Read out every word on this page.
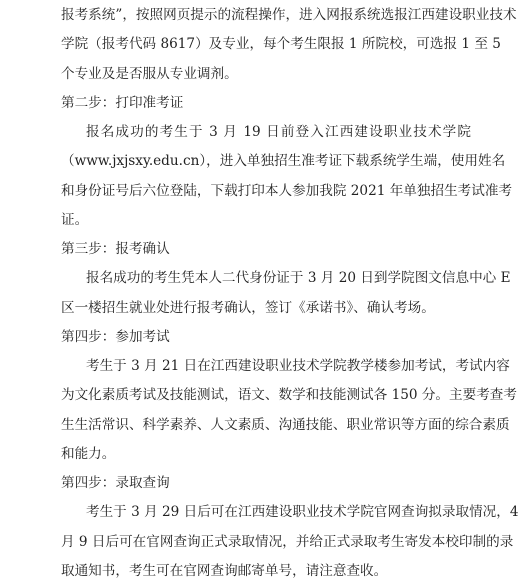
报考系统”，按照网页提示的流程操作，进入网报系统选报江西建设职业技术
学院（报考代码 8617）及专业，每个考生限报 1 所院校，可选报 1 至 5
个专业及是否服从专业调剂。
第二步：打印准考证
报名成功的考生于 3 月 19 日前登入江西建设职业技术学院
（www.jxjsxy.edu.cn），进入单独招生准考证下载系统学生端，使用姓名
和身份证号后六位登陆，下载打印本人参加我院 2021 年单独招生考试准考
证。
第三步：报考确认
报名成功的考生凭本人二代身份证于 3 月 20 日到学院图文信息中心 E
区一楼招生就业处进行报考确认，签订《承诺书》、确认考场。
第四步：参加考试
考生于 3 月 21 日在江西建设职业技术学院教学楼参加考试，考试内容
为文化素质考试及技能测试，语文、数学和技能测试各 150 分。主要考查考
生生活常识、科学素养、人文素质、沟通技能、职业常识等方面的综合素质
和能力。
第四步：录取查询
考生于 3 月 29 日后可在江西建设职业技术学院官网查询拟录取情况，4
月 9 日后可在官网查询正式录取情况，并给正式录取考生寄发本校印制的录
取通知书，考生可在官网查询邮寄单号，请注意查收。
